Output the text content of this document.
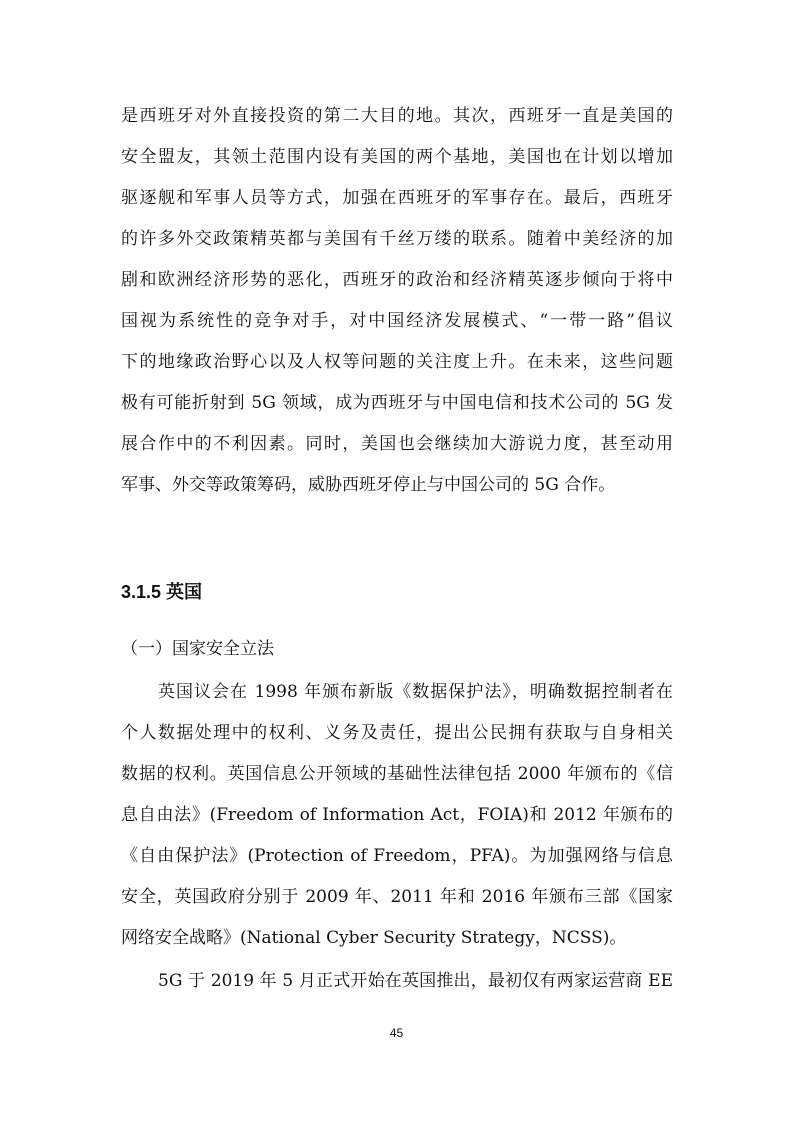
是西班牙对外直接投资的第二大目的地。其次，西班牙一直是美国的
安全盟友，其领土范围内设有美国的两个基地，美国也在计划以增加
驱逐舰和军事人员等方式，加强在西班牙的军事存在。最后，西班牙
的许多外交政策精英都与美国有千丝万缕的联系。随着中美经济的加
剧和欧洲经济形势的恶化，西班牙的政治和经济精英逐步倾向于将中
国视为系统性的竞争对手，对中国经济发展模式、“一带一路”倡议
下的地缘政治野心以及人权等问题的关注度上升。在未来，这些问题
极有可能折射到 5G 领域，成为西班牙与中国电信和技术公司的 5G 发
展合作中的不利因素。同时，美国也会继续加大游说力度，甚至动用
军事、外交等政策筹码，威胁西班牙停止与中国公司的 5G 合作。
3.1.5 英国
（一）国家安全立法
英国议会在 1998 年颁布新版《数据保护法》，明确数据控制者在
个人数据处理中的权利、义务及责任，提出公民拥有获取与自身相关
数据的权利。英国信息公开领域的基础性法律包括 2000 年颁布的《信
息自由法》(Freedom of Information Act，FOIA)和 2012 年颁布的
《自由保护法》(Protection of Freedom，PFA)。为加强网络与信息
安全，英国政府分别于 2009 年、2011 年和 2016 年颁布三部《国家
网络安全战略》(National Cyber Security Strategy，NCSS)。
5G 于 2019 年 5 月正式开始在英国推出，最初仅有两家运营商 EE
45
